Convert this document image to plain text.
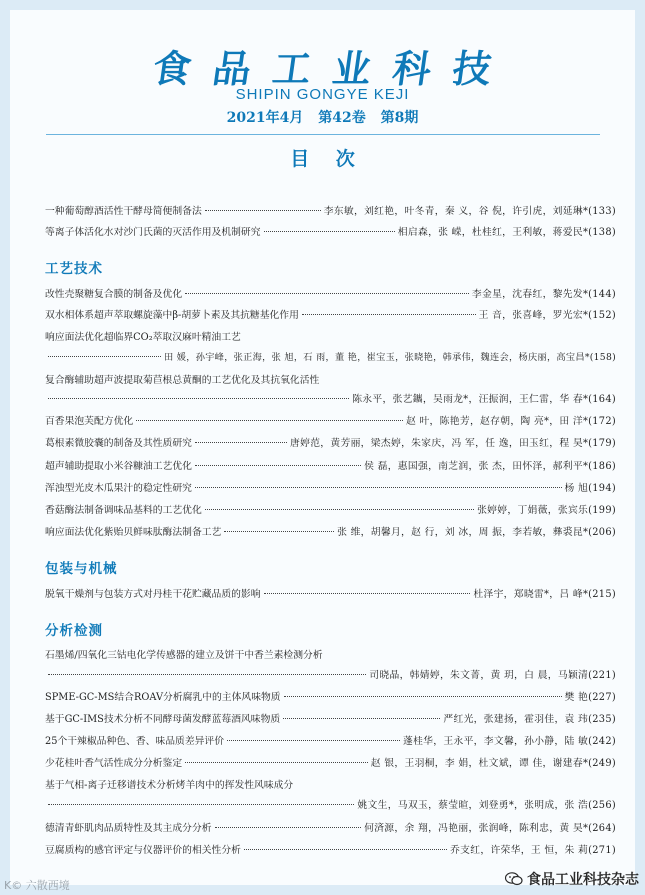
食品工业科技
SHIPIN GONGYE KEJI
2021年4月 第42卷 第8期
目 次
一种葡萄醇酒活性干酵母简便制备法	李东敏，刘红艳，叶冬青，秦 义，谷 倪，许引虎，刘延琳*(133)
等离子体活化水对沙门氏菌的灭活作用及机制研究	相启森，张 嵘，杜桂红，王利敏，蒋爱民*(138)
工艺技术
改性壳聚糖复合膜的制备及优化	李金星，沈春红，黎先发*(144)
双水相体系超声萃取螺旋藻中β-胡萝卜素及其抗糖基化作用	王 音，张喜峰，罗光宏*(152)
响应面法优化超临界CO₂萃取汉麻叶精油工艺
田 媛，孙宇峰，张正海，张 旭，石 雨，董 艳，崔宝玉，张晓艳，韩承伟，魏连会，杨庆丽，高宝昌*(158)
复合酶辅助超声波提取菊苣根总黄酮的工艺优化及其抗氧化活性
陈永平，张艺鑴，吴雨龙*，汪振润，王仁雷，华 春*(164)
百香果泡芙配方优化	赵 叶，陈艳芳，赵存朝，陶 亮*，田 洋*(172)
葛根素微胶囊的制备及其性质研究	唐婷范，黄芳丽，梁杰婷，朱家庆，冯 军，任 逸，田玉红，程 昊*(179)
超声辅助提取小米谷糠油工艺优化	侯 磊，惠国强，南芝润，张 杰，田怀泽，郝利平*(186)
浑浊型光皮木瓜果汁的稳定性研究	杨 旭(194)
香菇酶法制备调味品基料的工艺优化	张婷婷，丁娟薇，张宾乐(199)
响应面法优化紫贻贝鲜味肽酶法制备工艺	张 维，胡馨月，赵 行，刘 冰，周 振，李若敏，彝裘昆*(206)
包装与机械
脱氧干燥剂与包装方式对丹桂干花贮藏品质的影响	杜泽宇，郑晓雷*，吕 峰*(215)
分析检测
石墨烯/四氧化三钴电化学传感器的建立及饼干中香兰素检测分析
司晓晶，韩婧婷，朱文菁，黄 玥，白 晨，马颖清(221)
SPME-GC-MS结合ROAV分析腐乳中的主体风味物质	樊 艳(227)
基于GC-IMS技术分析不同酵母菌发酵蓝莓酒风味物质	严红光，张建扬，霍羽佳，袁 玮(235)
25个干辣椒品种色、香、味品质差异评价	蓬桂华，王永平，李文馨，孙小静，陆 敏(242)
少花桂叶香气活性成分分析鉴定	赵 银，王羽桐，李 娟，杜文斌，谭 佳，谢建春*(249)
基于气相-离子迁移谱技术分析烤羊肉中的挥发性风味成分
姚文生，马双玉，蔡莹暄，刘登勇*，张明成，张 浩(256)
德清青虾肌肉品质特性及其主成分分析	何済源，余 翔，冯艳丽，张润峰，陈利忠，黄 昊*(264)
豆腐质构的感官评定与仪器评价的相关性分析	乔支红，许荣华，王 恒，朱 莉(271)
K© 六散西境	食品工业科技杂志
